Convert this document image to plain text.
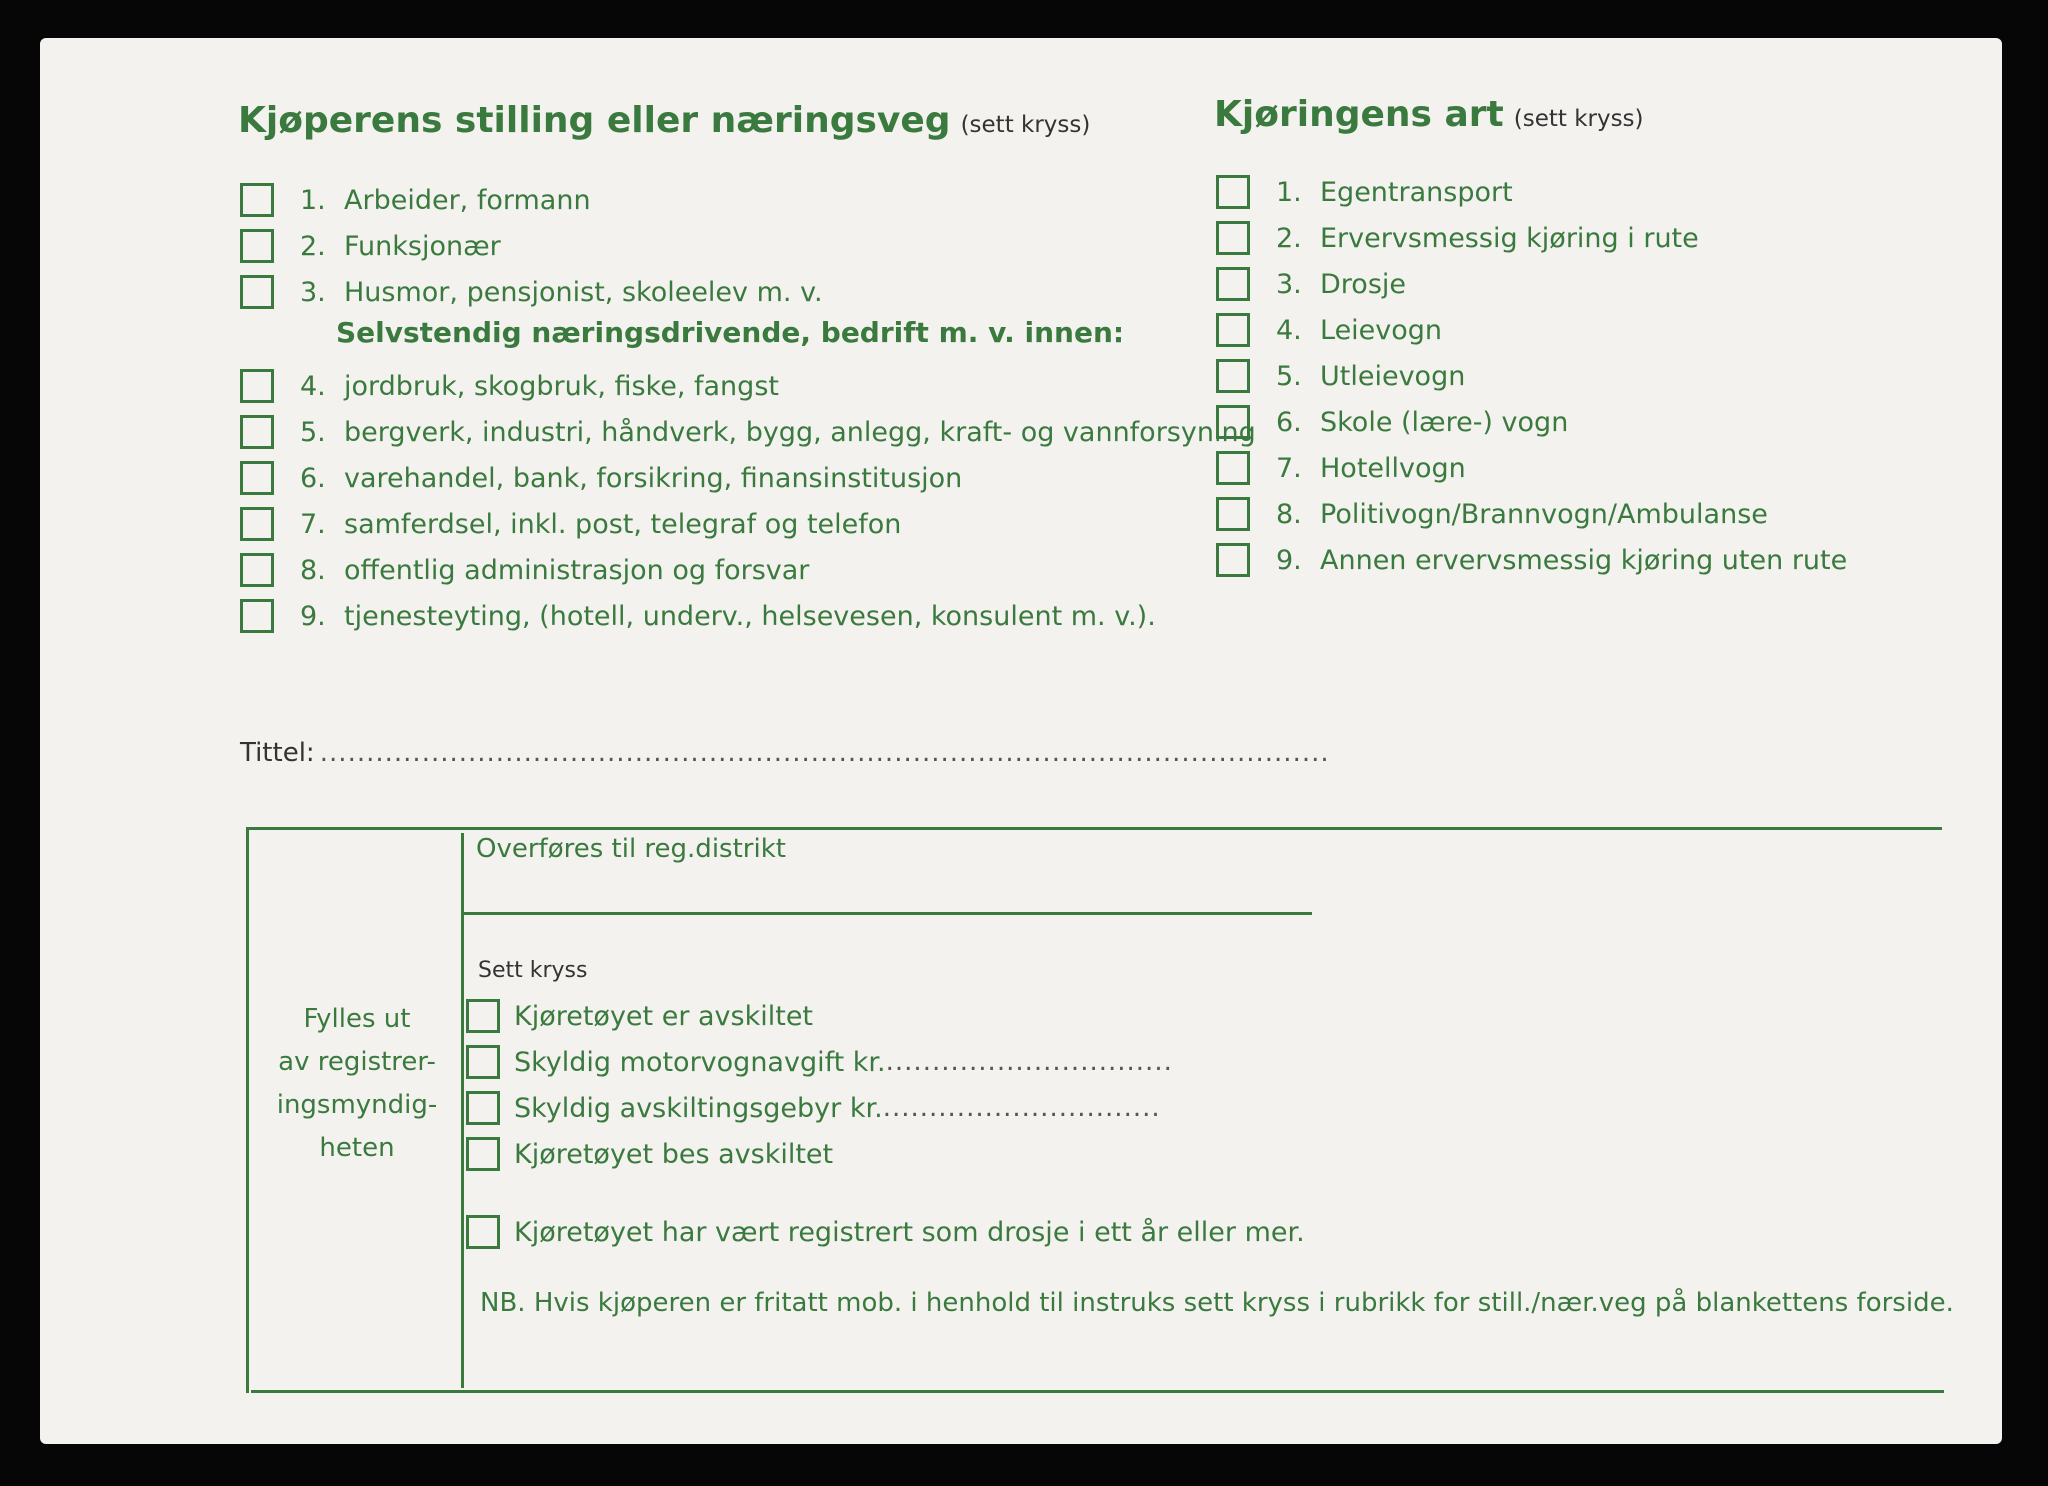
Kjøperens stilling eller næringsveg (sett kryss)
1. Arbeider, formann
2. Funksjonær
3. Husmor, pensjonist, skoleelev m. v.
Selvstendig næringsdrivende, bedrift m. v. innen:
4. jordbruk, skogbruk, fiske, fangst
5. bergverk, industri, håndverk, bygg, anlegg, kraft- og vannforsyning
6. varehandel, bank, forsikring, finansinstitusjon
7. samferdsel, inkl. post, telegraf og telefon
8. offentlig administrasjon og forsvar
9. tjenesteyting, (hotell, underv., helsevesen, konsulent m. v.).
Kjøringens art (sett kryss)
1. Egentransport
2. Ervervsmessig kjøring i rute
3. Drosje
4. Leievogn
5. Utleievogn
6. Skole (lære-) vogn
7. Hotellvogn
8. Politivogn/Brannvogn/Ambulanse
9. Annen ervervsmessig kjøring uten rute
Tittel: .............................................................................................................
Fylles ut
av registrer-
ingsmyndig-
heten
Overføres til reg.distrikt
Sett kryss
Kjøretøyet er avskiltet
Skyldig motorvognavgift kr. ...............................
Skyldig avskiltingsgebyr kr. ..............................
Kjøretøyet bes avskiltet
Kjøretøyet har vært registrert som drosje i ett år eller mer.
NB. Hvis kjøperen er fritatt mob. i henhold til instruks sett kryss i rubrikk for still./nær.veg på blankettens forside.
